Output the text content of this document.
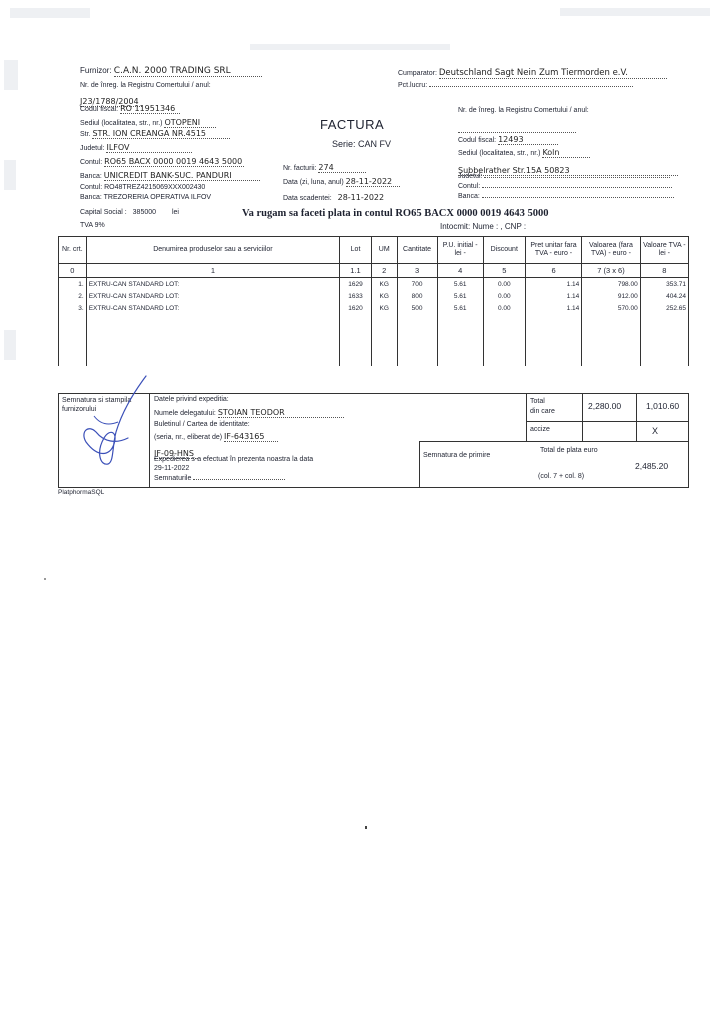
Furnizor: C.A.N. 2000 TRADING SRL
Nr. de înreg. la Registru Comertului / anul:
J23/1788/2004
Codul fiscal: RO 11951346
Sediul (localitatea, str., nr.) OTOPENI
Str. STR. ION CREANGA NR.4515
Judetul: ILFOV
Contul: RO65 BACX 0000 0019 4643 5000
Banca: UNICREDIT BANK-SUC. PANDURI
Contul: RO48TREZ4215069XXX002430
Banca: TREZORERIA OPERATIVA ILFOV
Capital Social : 385000 lei
TVA 9%
FACTURA
Serie: CAN FV
Nr. facturii: 274
Data (zi, luna, anul) 28-11-2022
Data scadentei: 28-11-2022
Va rugam sa faceti plata in contul RO65 BACX 0000 0019 4643 5000
Intocmit: Nume : , CNP :
Cumparator: Deutschland Sagt Nein Zum Tiermorden e.V.
Pct.lucru:
Nr. de înreg. la Registru Comertului / anul:
Codul fiscal: 12493
Sediul (localitatea, str., nr.) Koln
Subbelrather Str.15A 50823
Judetul:
Contul:
Banca:
Nr. crt.	Denumirea produselor sau a serviciilor	Lot	UM	Cantitate	P.U. initial - lei -	Discount	Pret unitar fara TVA - euro -	Valoarea (fara TVA) - euro -	Valoare TVA - lei -
0	1	1.1	2	3	4	5	6	7 (3 x 6)	8
1.	EXTRU-CAN STANDARD LOT:	1629	KG	700	5.61	0.00	1.14	798.00	353.71
2.	EXTRU-CAN STANDARD LOT:	1633	KG	800	5.61	0.00	1.14	912.00	404.24
3.	EXTRU-CAN STANDARD LOT:	1620	KG	500	5.61	0.00	1.14	570.00	252.65

Semnatura si stampila furnizorului
Datele privind expeditia:
Numele delegatului: STOIAN TEODOR
Buletinul / Cartea de identitate:
(seria, nr., eliberat de) IF-643165
IF-09-HNS
Expedierea s-a efectuat în prezenta noastra la data
29-11-2022
Semnaturile
Semnatura de primire
Total
din care
2,280.00	1,010.60
accize	X
Total de plata euro
2,485.20
(col. 7 + col. 8)
PlatphormaSQL
